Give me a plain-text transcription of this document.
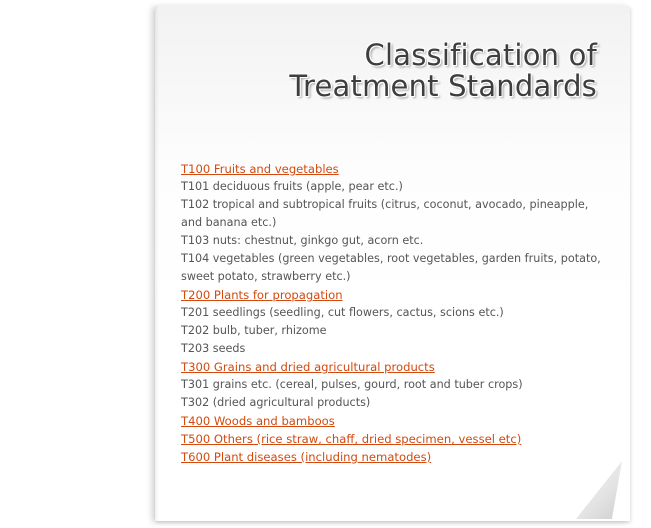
Classification of
Treatment Standards
T100 Fruits and vegetables
T101 deciduous fruits (apple, pear etc.)
T102 tropical and subtropical fruits (citrus, coconut, avocado, pineapple, and banana etc.)
T103 nuts: chestnut, ginkgo gut, acorn etc.
T104 vegetables (green vegetables, root vegetables, garden fruits, potato, sweet potato, strawberry etc.)
T200 Plants for propagation
T201 seedlings (seedling, cut flowers, cactus, scions etc.)
T202 bulb, tuber, rhizome
T203 seeds
T300 Grains and dried agricultural products
T301 grains etc. (cereal, pulses, gourd, root and tuber crops)
T302 (dried agricultural products)
T400 Woods and bamboos
T500 Others (rice straw, chaff, dried specimen, vessel etc)
T600 Plant diseases (including nematodes)
